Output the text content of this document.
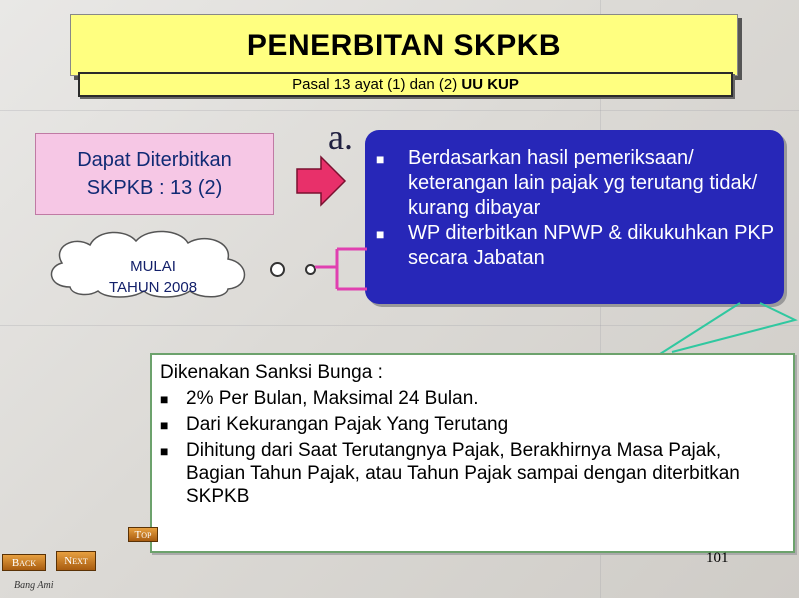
PENERBITAN SKPKB
Pasal 13 ayat (1) dan (2) UU KUP
Dapat Diterbitkan
SKPKB : 13 (2)
a.
■ Berdasarkan hasil pemeriksaan/ keterangan lain pajak yg terutang tidak/ kurang dibayar
■ WP diterbitkan NPWP & dikukuhkan PKP secara Jabatan
MULAI
TAHUN 2008
Dikenakan Sanksi Bunga :
■ 2% Per Bulan, Maksimal 24 Bulan.
■ Dari Kekurangan Pajak Yang Terutang
■ Dihitung dari Saat Terutangnya Pajak, Berakhirnya Masa Pajak, Bagian Tahun Pajak, atau Tahun Pajak sampai dengan diterbitkan SKPKB
101
Top
Back	Next
Bang Ami
